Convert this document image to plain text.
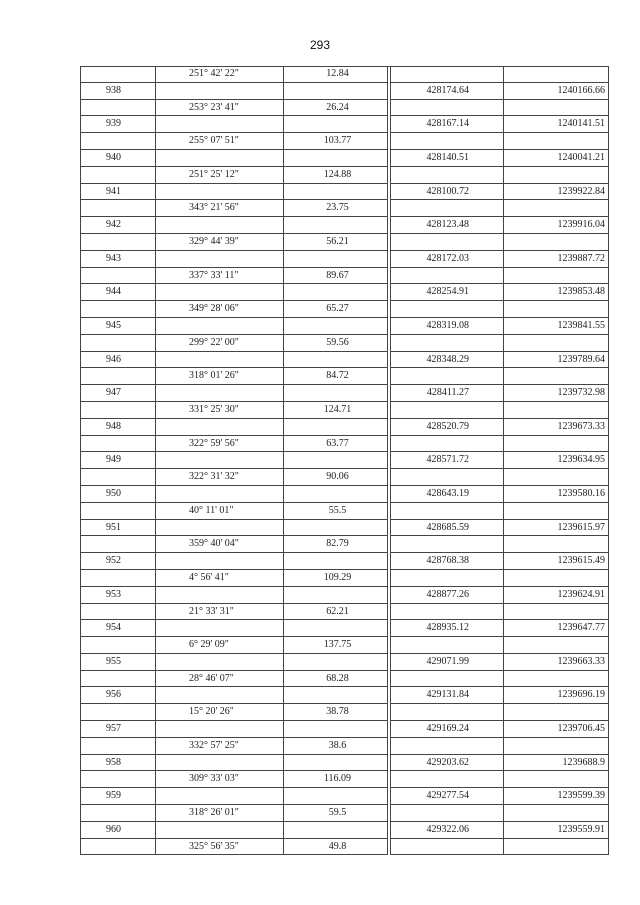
293
251° 42' 22"	12.84
938	428174.64	1240166.66
253° 23' 41"	26.24
939	428167.14	1240141.51
255° 07' 51"	103.77
940	428140.51	1240041.21
251° 25' 12"	124.88
941	428100.72	1239922.84
343° 21' 56"	23.75
942	428123.48	1239916.04
329° 44' 39"	56.21
943	428172.03	1239887.72
337° 33' 11"	89.67
944	428254.91	1239853.48
349° 28' 06"	65.27
945	428319.08	1239841.55
299° 22' 00"	59.56
946	428348.29	1239789.64
318° 01' 26"	84.72
947	428411.27	1239732.98
331° 25' 30"	124.71
948	428520.79	1239673.33
322° 59' 56"	63.77
949	428571.72	1239634.95
322° 31' 32"	90.06
950	428643.19	1239580.16
40° 11' 01"	55.5
951	428685.59	1239615.97
359° 40' 04"	82.79
952	428768.38	1239615.49
4° 56' 41"	109.29
953	428877.26	1239624.91
21° 33' 31"	62.21
954	428935.12	1239647.77
6° 29' 09"	137.75
955	429071.99	1239663.33
28° 46' 07"	68.28
956	429131.84	1239696.19
15° 20' 26"	38.78
957	429169.24	1239706.45
332° 57' 25"	38.6
958	429203.62	1239688.9
309° 33' 03"	116.09
959	429277.54	1239599.39
318° 26' 01"	59.5
960	429322.06	1239559.91
325° 56' 35"	49.8
